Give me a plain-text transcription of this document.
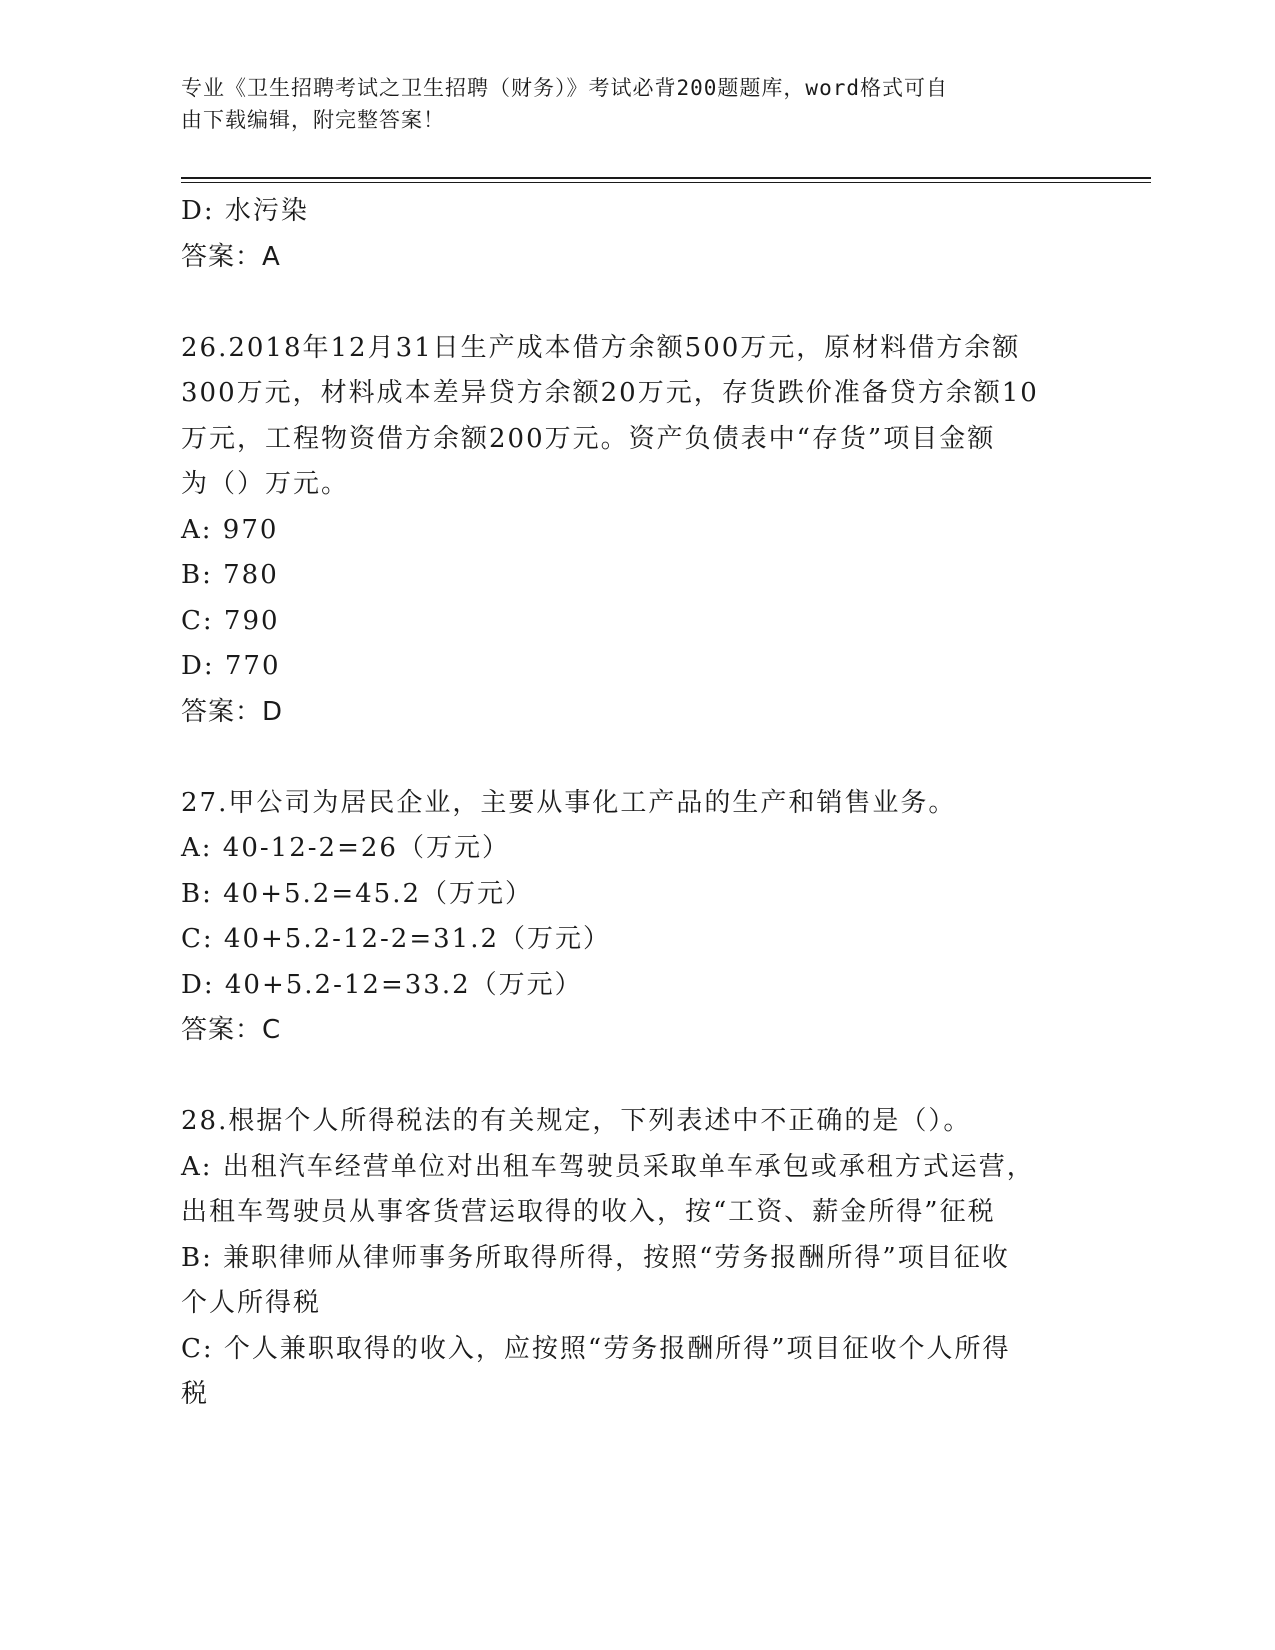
专业《卫生招聘考试之卫生招聘（财务）》考试必背200题题库，word格式可自
由下载编辑，附完整答案！
D: 水污染
答案：A
26.2018年12月31日生产成本借方余额500万元，原材料借方余额
300万元，材料成本差异贷方余额20万元，存货跌价准备贷方余额10
万元，工程物资借方余额200万元。资产负债表中“存货”项目金额
为（）万元。
A: 970
B: 780
C: 790
D: 770
答案：D
27.甲公司为居民企业，主要从事化工产品的生产和销售业务。
A: 40-12-2=26（万元）
B: 40+5.2=45.2（万元）
C: 40+5.2-12-2=31.2（万元）
D: 40+5.2-12=33.2（万元）
答案：C
28.根据个人所得税法的有关规定，下列表述中不正确的是（）。
A: 出租汽车经营单位对出租车驾驶员采取单车承包或承租方式运营，
出租车驾驶员从事客货营运取得的收入，按“工资、薪金所得”征税
B: 兼职律师从律师事务所取得所得，按照“劳务报酬所得”项目征收
个人所得税
C: 个人兼职取得的收入，应按照“劳务报酬所得”项目征收个人所得
税
